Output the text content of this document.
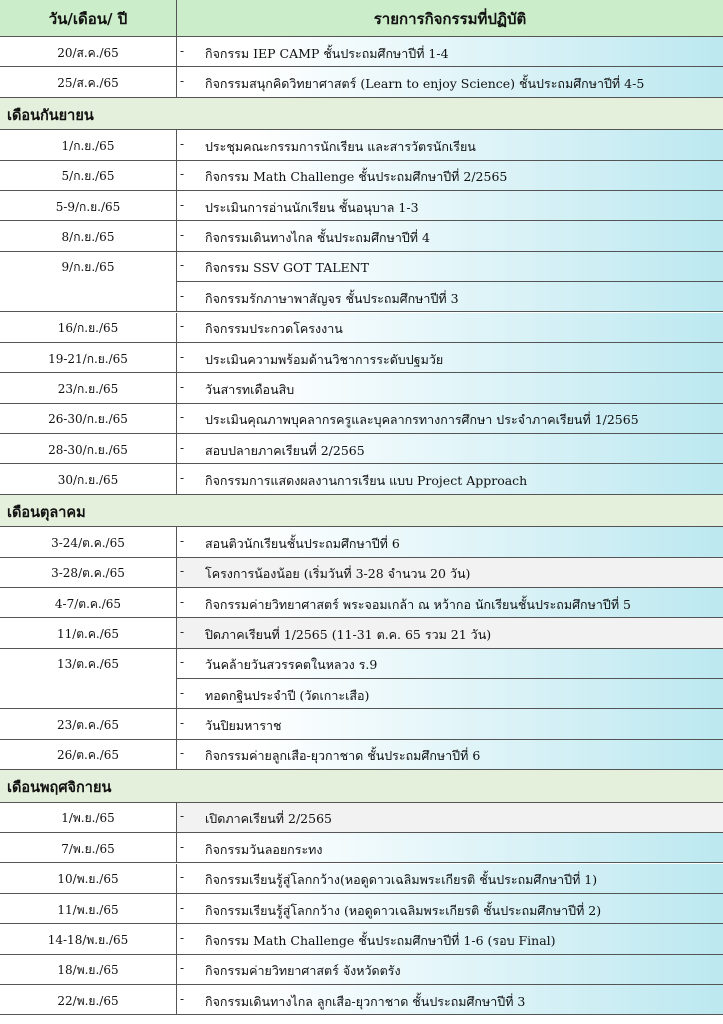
วัน/เดือน/ ปี	รายการกิจกรรมที่ปฏิบัติ
20/ส.ค./65	- กิจกรรม IEP CAMP ชั้นประถมศึกษาปีที่ 1-4
25/ส.ค./65	- กิจกรรมสนุกคิดวิทยาศาสตร์ (Learn to enjoy Science) ชั้นประถมศึกษาปีที่ 4-5
เดือนกันยายน
1/ก.ย./65	- ประชุมคณะกรรมการนักเรียน และสารวัตรนักเรียน
5/ก.ย./65	- กิจกรรม Math Challenge ชั้นประถมศึกษาปีที่ 2/2565
5-9/ก.ย./65	- ประเมินการอ่านนักเรียน ชั้นอนุบาล 1-3
8/ก.ย./65	- กิจกรรมเดินทางไกล ชั้นประถมศึกษาปีที่ 4
9/ก.ย./65	- กิจกรรม SSV GOT TALENT
- กิจกรรมรักภาษาพาสัญจร ชั้นประถมศึกษาปีที่ 3
16/ก.ย./65	- กิจกรรมประกวดโครงงาน
19-21/ก.ย./65	- ประเมินความพร้อมด้านวิชาการระดับปฐมวัย
23/ก.ย./65	- วันสารทเดือนสิบ
26-30/ก.ย./65	- ประเมินคุณภาพบุคลากรครูและบุคลากรทางการศึกษา ประจำภาคเรียนที่ 1/2565
28-30/ก.ย./65	- สอบปลายภาคเรียนที่ 2/2565
30/ก.ย./65	- กิจกรรมการแสดงผลงานการเรียน แบบ Project Approach
เดือนตุลาคม
3-24/ต.ค./65	- สอนติวนักเรียนชั้นประถมศึกษาปีที่ 6
3-28/ต.ค./65	- โครงการน้องน้อย (เริ่มวันที่ 3-28 จำนวน 20 วัน)
4-7/ต.ค./65	- กิจกรรมค่ายวิทยาศาสตร์ พระจอมเกล้า ณ หว้ากอ นักเรียนชั้นประถมศึกษาปีที่ 5
11/ต.ค./65	- ปิดภาคเรียนที่ 1/2565 (11-31 ต.ค. 65 รวม 21 วัน)
13/ต.ค./65	- วันคล้ายวันสวรรคตในหลวง ร.9
- ทอดกฐินประจำปี (วัดเกาะเสือ)
23/ต.ค./65	- วันปิยมหาราช
26/ต.ค./65	- กิจกรรมค่ายลูกเสือ-ยุวกาชาด ชั้นประถมศึกษาปีที่ 6
เดือนพฤศจิกายน
1/พ.ย./65	- เปิดภาคเรียนที่ 2/2565
7/พ.ย./65	- กิจกรรมวันลอยกระทง
10/พ.ย./65	- กิจกรรมเรียนรู้สู่โลกกว้าง(หอดูดาวเฉลิมพระเกียรติ ชั้นประถมศึกษาปีที่ 1)
11/พ.ย./65	- กิจกรรมเรียนรู้สู่โลกกว้าง (หอดูดาวเฉลิมพระเกียรติ ชั้นประถมศึกษาปีที่ 2)
14-18/พ.ย./65	- กิจกรรม Math Challenge ชั้นประถมศึกษาปีที่ 1-6 (รอบ Final)
18/พ.ย./65	- กิจกรรมค่ายวิทยาศาสตร์ จังหวัดตรัง
22/พ.ย./65	- กิจกรรมเดินทางไกล ลูกเสือ-ยุวกาชาด ชั้นประถมศึกษาปีที่ 3
